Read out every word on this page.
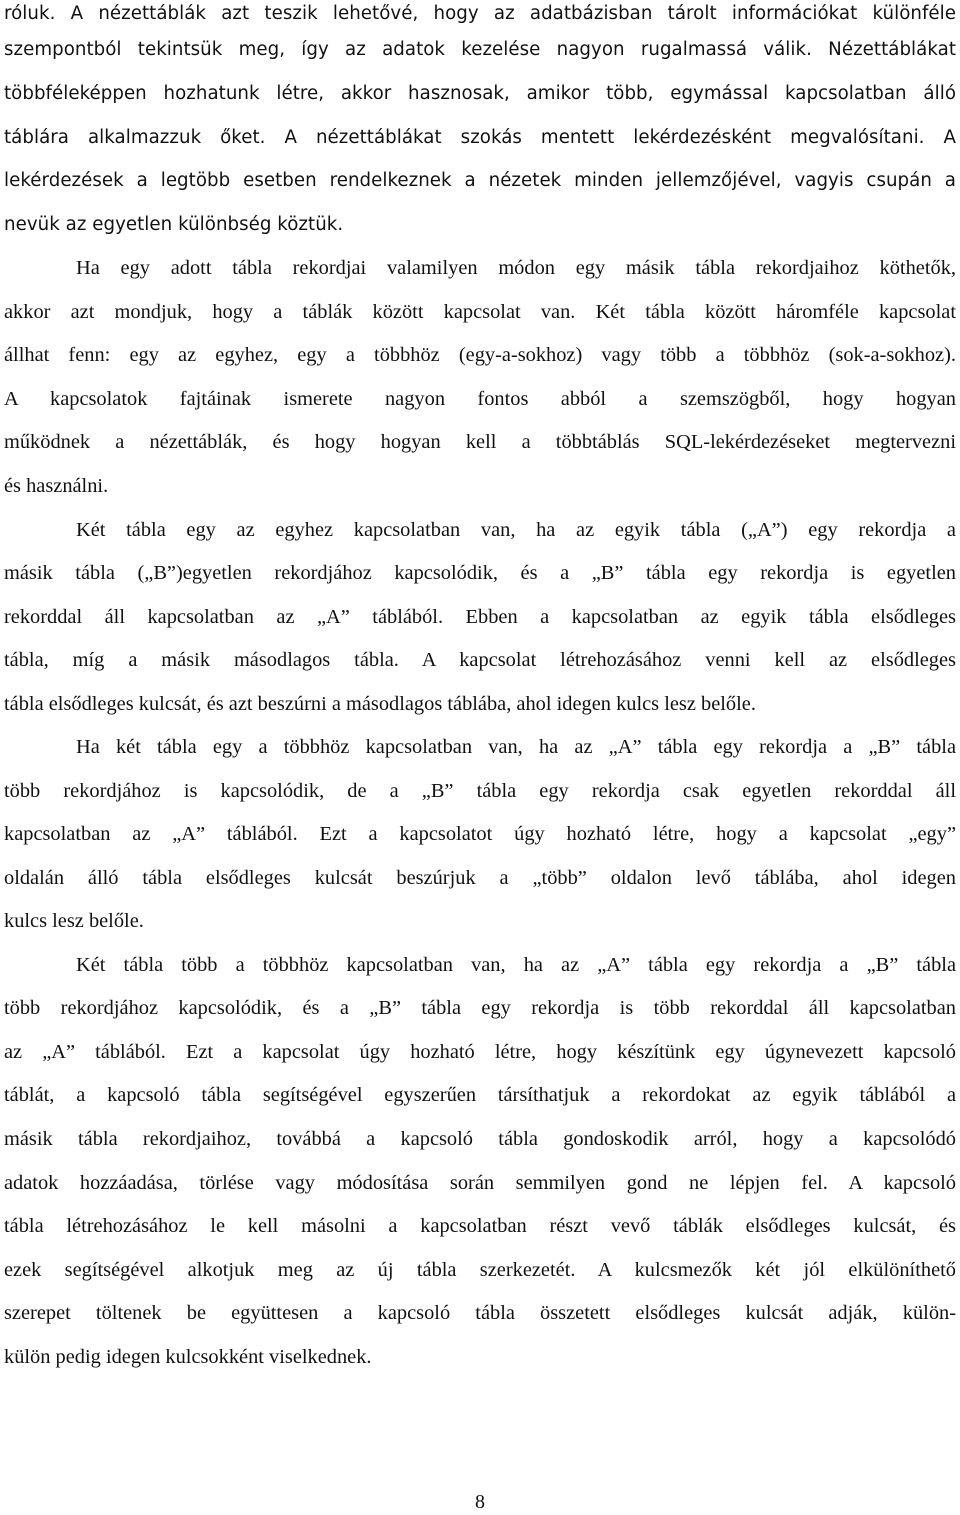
róluk. A nézettáblák azt teszik lehetővé, hogy az adatbázisban tárolt információkat különféle
szempontból tekintsük meg, így az adatok kezelése nagyon rugalmassá válik. Nézettáblákat
többféleképpen hozhatunk létre, akkor hasznosak, amikor több, egymással kapcsolatban álló
táblára alkalmazzuk őket. A nézettáblákat szokás mentett lekérdezésként megvalósítani. A
lekérdezések a legtöbb esetben rendelkeznek a nézetek minden jellemzőjével, vagyis csupán a
nevük az egyetlen különbség köztük.
Ha egy adott tábla rekordjai valamilyen módon egy másik tábla rekordjaihoz köthetők,
akkor azt mondjuk, hogy a táblák között kapcsolat van. Két tábla között háromféle kapcsolat
állhat fenn: egy az egyhez, egy a többhöz (egy-a-sokhoz) vagy több a többhöz (sok-a-sokhoz).
A kapcsolatok fajtáinak ismerete nagyon fontos abból a szemszögből, hogy hogyan
működnek a nézettáblák, és hogy hogyan kell a többtáblás SQL-lekérdezéseket megtervezni
és használni.
Két tábla egy az egyhez kapcsolatban van, ha az egyik tábla („A”) egy rekordja a
másik tábla („B”)egyetlen rekordjához kapcsolódik, és a „B” tábla egy rekordja is egyetlen
rekorddal áll kapcsolatban az „A” táblából. Ebben a kapcsolatban az egyik tábla elsődleges
tábla, míg a másik másodlagos tábla. A kapcsolat létrehozásához venni kell az elsődleges
tábla elsődleges kulcsát, és azt beszúrni a másodlagos táblába, ahol idegen kulcs lesz belőle.
Ha két tábla egy a többhöz kapcsolatban van, ha az „A” tábla egy rekordja a „B” tábla
több rekordjához is kapcsolódik, de a „B” tábla egy rekordja csak egyetlen rekorddal áll
kapcsolatban az „A” táblából. Ezt a kapcsolatot úgy hozható létre, hogy a kapcsolat „egy”
oldalán álló tábla elsődleges kulcsát beszúrjuk a „több” oldalon levő táblába, ahol idegen
kulcs lesz belőle.
Két tábla több a többhöz kapcsolatban van, ha az „A” tábla egy rekordja a „B” tábla
több rekordjához kapcsolódik, és a „B” tábla egy rekordja is több rekorddal áll kapcsolatban
az „A” táblából. Ezt a kapcsolat úgy hozható létre, hogy készítünk egy úgynevezett kapcsoló
táblát, a kapcsoló tábla segítségével egyszerűen társíthatjuk a rekordokat az egyik táblából a
másik tábla rekordjaihoz, továbbá a kapcsoló tábla gondoskodik arról, hogy a kapcsolódó
adatok hozzáadása, törlése vagy módosítása során semmilyen gond ne lépjen fel. A kapcsoló
tábla létrehozásához le kell másolni a kapcsolatban részt vevő táblák elsődleges kulcsát, és
ezek segítségével alkotjuk meg az új tábla szerkezetét. A kulcsmezők két jól elkülöníthető
szerepet töltenek be együttesen a kapcsoló tábla összetett elsődleges kulcsát adják, külön-
külön pedig idegen kulcsokként viselkednek.
8
